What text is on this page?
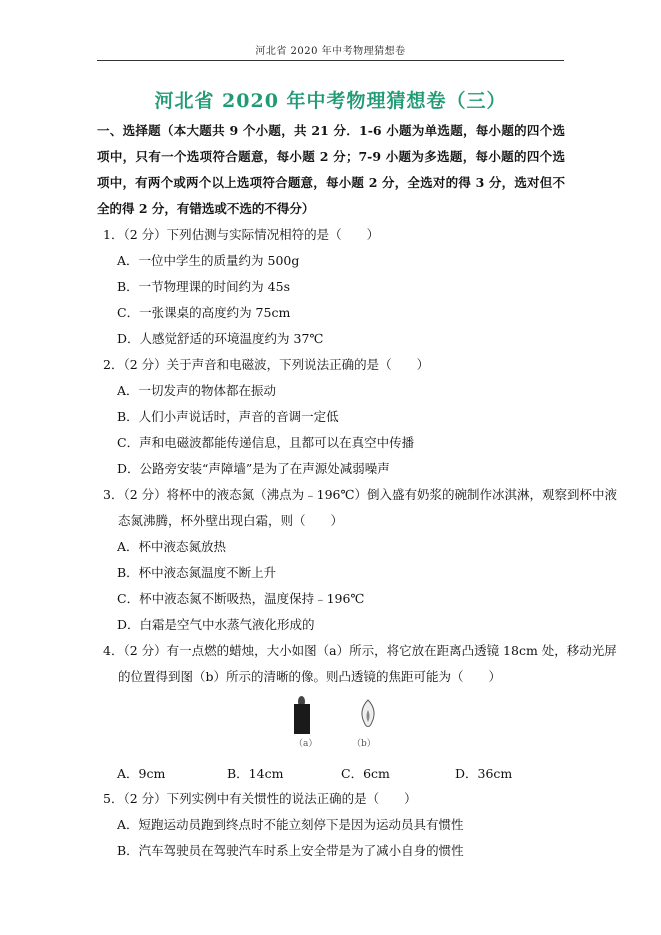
河北省 2020 年中考物理猜想卷
河北省 2020 年中考物理猜想卷（三）
一、选择题（本大题共 9 个小题，共 21 分．1-6 小题为单选题，每小题的四个选项中，只有一个选项符合题意，每小题 2 分；7-9 小题为多选题，每小题的四个选项中，有两个或两个以上选项符合题意，每小题 2 分，全选对的得 3 分，选对但不全的得 2 分，有错选或不选的不得分）
1．（2 分）下列估测与实际情况相符的是（　　）
A．一位中学生的质量约为 500g
B．一节物理课的时间约为 45s
C．一张课桌的高度约为 75cm
D．人感觉舒适的环境温度约为 37℃
2．（2 分）关于声音和电磁波，下列说法正确的是（　　）
A．一切发声的物体都在振动
B．人们小声说话时，声音的音调一定低
C．声和电磁波都能传递信息，且都可以在真空中传播
D．公路旁安装“声障墙”是为了在声源处减弱噪声
3．（2 分）将杯中的液态氮（沸点为﹣196℃）倒入盛有奶浆的碗制作冰淇淋，观察到杯中液
态氮沸腾，杯外壁出现白霜，则（　　）
A．杯中液态氮放热
B．杯中液态氮温度不断上升
C．杯中液态氮不断吸热，温度保持﹣196℃
D．白霜是空气中水蒸气液化形成的
4．（2 分）有一点燃的蜡烛，大小如图（a）所示，将它放在距离凸透镜 18cm 处，移动光屏
的位置得到图（b）所示的清晰的像。则凸透镜的焦距可能为（　　）
（a）	（b）
A．9cm	B．14cm	C．6cm	D．36cm
5．（2 分）下列实例中有关惯性的说法正确的是（　　）
A．短跑运动员跑到终点时不能立刻停下是因为运动员具有惯性
B．汽车驾驶员在驾驶汽车时系上安全带是为了减小自身的惯性
